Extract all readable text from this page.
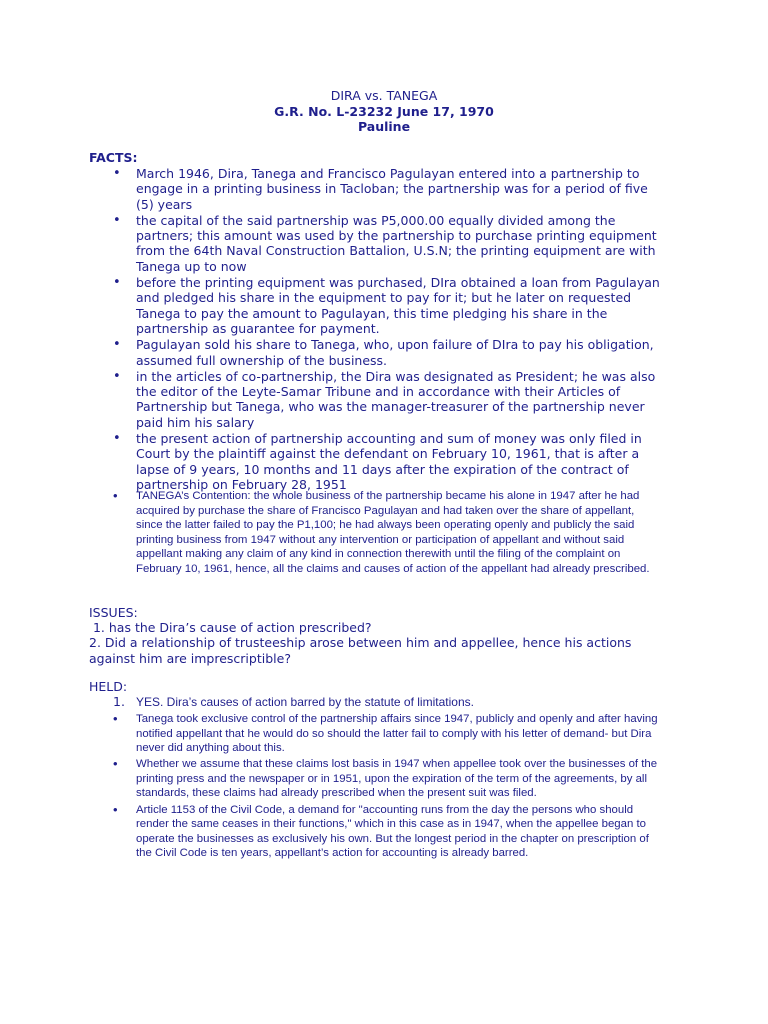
DIRA vs. TANEGA
G.R. No. L-23232 June 17, 1970
Pauline
FACTS:
• March 1946, Dira, Tanega and Francisco Pagulayan entered into a partnership to engage in a printing business in Tacloban; the partnership was for a period of five (5) years
• the capital of the said partnership was P5,000.00 equally divided among the partners; this amount was used by the partnership to purchase printing equipment from the 64th Naval Construction Battalion, U.S.N; the printing equipment are with Tanega up to now
• before the printing equipment was purchased, DIra obtained a loan from Pagulayan and pledged his share in the equipment to pay for it; but he later on requested Tanega to pay the amount to Pagulayan, this time pledging his share in the partnership as guarantee for payment.
• Pagulayan sold his share to Tanega, who, upon failure of DIra to pay his obligation, assumed full ownership of the business.
• in the articles of co-partnership, the Dira was designated as President; he was also the editor of the Leyte-Samar Tribune and in accordance with their Articles of Partnership but Tanega, who was the manager-treasurer of the partnership never paid him his salary
• the present action of partnership accounting and sum of money was only filed in Court by the plaintiff against the defendant on February 10, 1961, that is after a lapse of 9 years, 10 months and 11 days after the expiration of the contract of partnership on February 28, 1951
• TANEGA’s Contention: the whole business of the partnership became his alone in 1947 after he had acquired by purchase the share of Francisco Pagulayan and had taken over the share of appellant, since the latter failed to pay the P1,100; he had always been operating openly and publicly the said printing business from 1947 without any intervention or participation of appellant and without said appellant making any claim of any kind in connection therewith until the filing of the complaint on February 10, 1961, hence, all the claims and causes of action of the appellant had already prescribed.
ISSUES:
1. has the Dira’s cause of action prescribed?
2. Did a relationship of trusteeship arose between him and appellee, hence his actions against him are imprescriptible?
HELD:
1. YES. Dira’s causes of action barred by the statute of limitations.
• Tanega took exclusive control of the partnership affairs since 1947, publicly and openly and after having notified appellant that he would do so should the latter fail to comply with his letter of demand- but Dira never did anything about this.
• Whether we assume that these claims lost basis in 1947 when appellee took over the businesses of the printing press and the newspaper or in 1951, upon the expiration of the term of the agreements, by all standards, these claims had already prescribed when the present suit was filed.
• Article 1153 of the Civil Code, a demand for "accounting runs from the day the persons who should render the same ceases in their functions," which in this case as in 1947, when the appellee began to operate the businesses as exclusively his own. But the longest period in the chapter on prescription of the Civil Code is ten years, appellant’s action for accounting is already barred.
